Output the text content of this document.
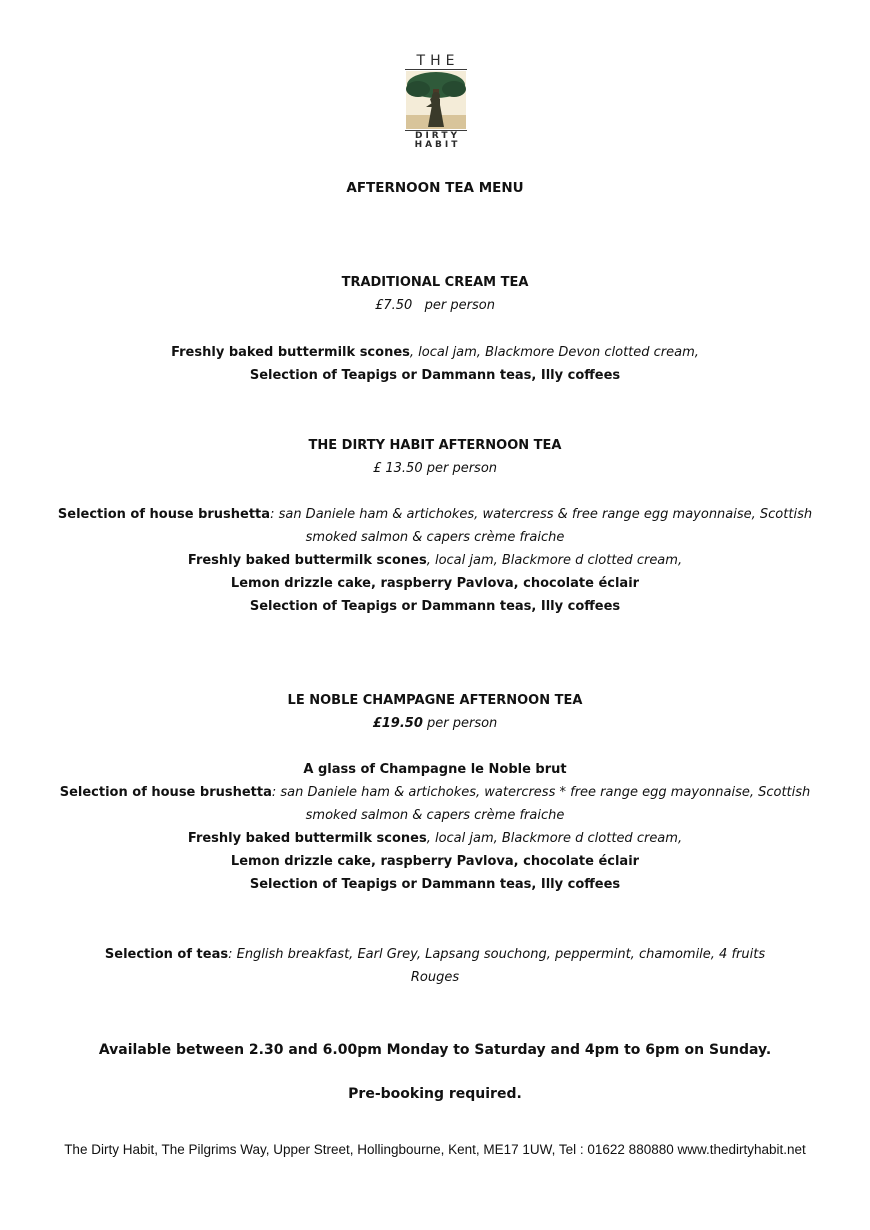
THE
DIRTY
HABIT
AFTERNOON TEA MENU
TRADITIONAL CREAM TEA
£7.50   per person
Freshly baked buttermilk scones, local jam, Blackmore Devon clotted cream,
Selection of Teapigs or Dammann teas, Illy coffees
THE DIRTY HABIT AFTERNOON TEA
£ 13.50 per person
Selection of house brushetta: san Daniele ham & artichokes, watercress & free range egg mayonnaise, Scottish
smoked salmon & capers crème fraiche
Freshly baked buttermilk scones, local jam, Blackmore d clotted cream,
Lemon drizzle cake, raspberry Pavlova, chocolate éclair
Selection of Teapigs or Dammann teas, Illy coffees
LE NOBLE CHAMPAGNE AFTERNOON TEA
£19.50 per person
A glass of Champagne le Noble brut
Selection of house brushetta: san Daniele ham & artichokes, watercress * free range egg mayonnaise, Scottish
smoked salmon & capers crème fraiche
Freshly baked buttermilk scones, local jam, Blackmore d clotted cream,
Lemon drizzle cake, raspberry Pavlova, chocolate éclair
Selection of Teapigs or Dammann teas, Illy coffees
Selection of teas: English breakfast, Earl Grey, Lapsang souchong, peppermint, chamomile, 4 fruits
Rouges
Available between 2.30 and 6.00pm Monday to Saturday and 4pm to 6pm on Sunday.
Pre-booking required.
The Dirty Habit, The Pilgrims Way, Upper Street, Hollingbourne, Kent, ME17 1UW, Tel : 01622 880880 www.thedirtyhabit.net
